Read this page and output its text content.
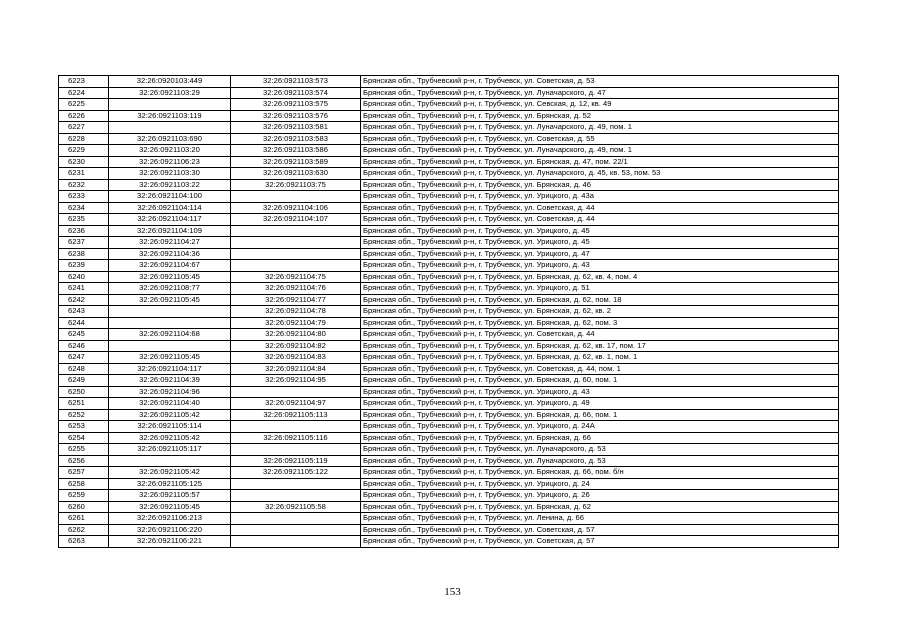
6223	32:26:0920103:449	32:26:0921103:573	Брянская обл., Трубчевский р-н, г. Трубчевск, ул. Советская, д. 53
6224	32:26:0921103:29	32:26:0921103:574	Брянская обл., Трубчевский р-н, г. Трубчевск, ул. Луначарского, д. 47
6225		32:26:0921103:575	Брянская обл., Трубчевский р-н, г. Трубчевск, ул. Севская, д. 12, кв. 49
6226	32:26:0921103:119	32:26:0921103:576	Брянская обл., Трубчевский р-н, г. Трубчевск, ул. Брянская, д. 52
6227		32:26:0921103:581	Брянская обл., Трубчевский р-н, г. Трубчевск, ул. Луначарского, д. 49, пом. 1
6228	32:26:0921103:690	32:26:0921103:583	Брянская обл., Трубчевский р-н, г. Трубчевск, ул. Советская, д. 55
6229	32:26:0921103:20	32:26:0921103:586	Брянская обл., Трубчевский р-н, г. Трубчевск, ул. Луначарского, д. 49, пом. 1
6230	32:26:0921106:23	32:26:0921103:589	Брянская обл., Трубчевский р-н, г. Трубчевск, ул. Брянская, д. 47, пом. 22/1
6231	32:26:0921103:30	32:26:0921103:630	Брянская обл., Трубчевский р-н, г. Трубчевск, ул. Луначарского, д. 45, кв. 53, пом. 53
6232	32:26:0921103:22	32:26:0921103:75	Брянская обл., Трубчевский р-н, г. Трубчевск, ул. Брянская, д. 46
6233	32:26:0921104:100		Брянская обл., Трубчевский р-н, г. Трубчевск, ул. Урицкого, д. 43а
6234	32:26:0921104:114	32:26:0921104:106	Брянская обл., Трубчевский р-н, г. Трубчевск, ул. Советская, д. 44
6235	32:26:0921104:117	32:26:0921104:107	Брянская обл., Трубчевский р-н, г. Трубчевск, ул. Советская, д. 44
6236	32:26:0921104:109		Брянская обл., Трубчевский р-н, г. Трубчевск, ул. Урицкого, д. 45
6237	32:26:0921104:27		Брянская обл., Трубчевский р-н, г. Трубчевск, ул. Урицкого, д. 45
6238	32:26:0921104:36		Брянская обл., Трубчевский р-н, г. Трубчевск, ул. Урицкого, д. 47
6239	32:26:0921104:67		Брянская обл., Трубчевский р-н, г. Трубчевск, ул. Урицкого, д. 43
6240	32:26:0921105:45	32:26:0921104:75	Брянская обл., Трубчевский р-н, г. Трубчевск, ул. Брянская, д. 62, кв. 4, пом. 4
6241	32:26:0921108:77	32:26:0921104:76	Брянская обл., Трубчевский р-н, г. Трубчевск, ул. Урицкого, д. 51
6242	32:26:0921105:45	32:26:0921104:77	Брянская обл., Трубчевский р-н, г. Трубчевск, ул. Брянская, д. 62, пом. 18
6243		32:26:0921104:78	Брянская обл., Трубчевский р-н, г. Трубчевск, ул. Брянская, д. 62, кв. 2
6244		32:26:0921104:79	Брянская обл., Трубчевский р-н, г. Трубчевск, ул. Брянская, д. 62, пом. 3
6245	32:26:0921104:68	32:26:0921104:80	Брянская обл., Трубчевский р-н, г. Трубчевск, ул. Советская, д. 44
6246		32:26:0921104:82	Брянская обл., Трубчевский р-н, г. Трубчевск, ул. Брянская, д. 62, кв. 17, пом. 17
6247	32:26:0921105:45	32:26:0921104:83	Брянская обл., Трубчевский р-н, г. Трубчевск, ул. Брянская, д. 62, кв. 1, пом. 1
6248	32:26:0921104:117	32:26:0921104:84	Брянская обл., Трубчевский р-н, г. Трубчевск, ул. Советская, д. 44, пом. 1
6249	32:26:0921104:39	32:26:0921104:95	Брянская обл., Трубчевский р-н, г. Трубчевск, ул. Брянская, д. 60, пом. 1
6250	32:26:0921104:96		Брянская обл., Трубчевский р-н, г. Трубчевск, ул. Урицкого, д. 43
6251	32:26:0921104:40	32:26:0921104:97	Брянская обл., Трубчевский р-н, г. Трубчевск, ул. Урицкого, д. 49
6252	32:26:0921105:42	32:26:0921105:113	Брянская обл., Трубчевский р-н, г. Трубчевск, ул. Брянская, д. 66, пом. 1
6253	32:26:0921105:114		Брянская обл., Трубчевский р-н, г. Трубчевск, ул. Урицкого, д. 24А
6254	32:26:0921105:42	32:26:0921105:116	Брянская обл., Трубчевский р-н, г. Трубчевск, ул. Брянская, д. 66
6255	32:26:0921105:117		Брянская обл., Трубчевский р-н, г. Трубчевск, ул. Луначарского, д. 53
6256		32:26:0921105:119	Брянская обл., Трубчевский р-н, г. Трубчевск, ул. Луначарского, д. 53
6257	32:26:0921105:42	32:26:0921105:122	Брянская обл., Трубчевский р-н, г. Трубчевск, ул. Брянская, д. 66, пом. б/н
6258	32:26:0921105:125		Брянская обл., Трубчевский р-н, г. Трубчевск, ул. Урицкого, д. 24
6259	32:26:0921105:57		Брянская обл., Трубчевский р-н, г. Трубчевск, ул. Урицкого, д. 26
6260	32:26:0921105:45	32:26:0921105:58	Брянская обл., Трубчевский р-н, г. Трубчевск, ул. Брянская, д. 62
6261	32:26:0921106:213		Брянская обл., Трубчевский р-н, г. Трубчевск, ул. Ленина, д. 66
6262	32:26:0921106:220		Брянская обл., Трубчевский р-н, г. Трубчевск, ул. Советская, д. 57
6263	32:26:0921106:221		Брянская обл., Трубчевский р-н, г. Трубчевск, ул. Советская, д. 57
153
